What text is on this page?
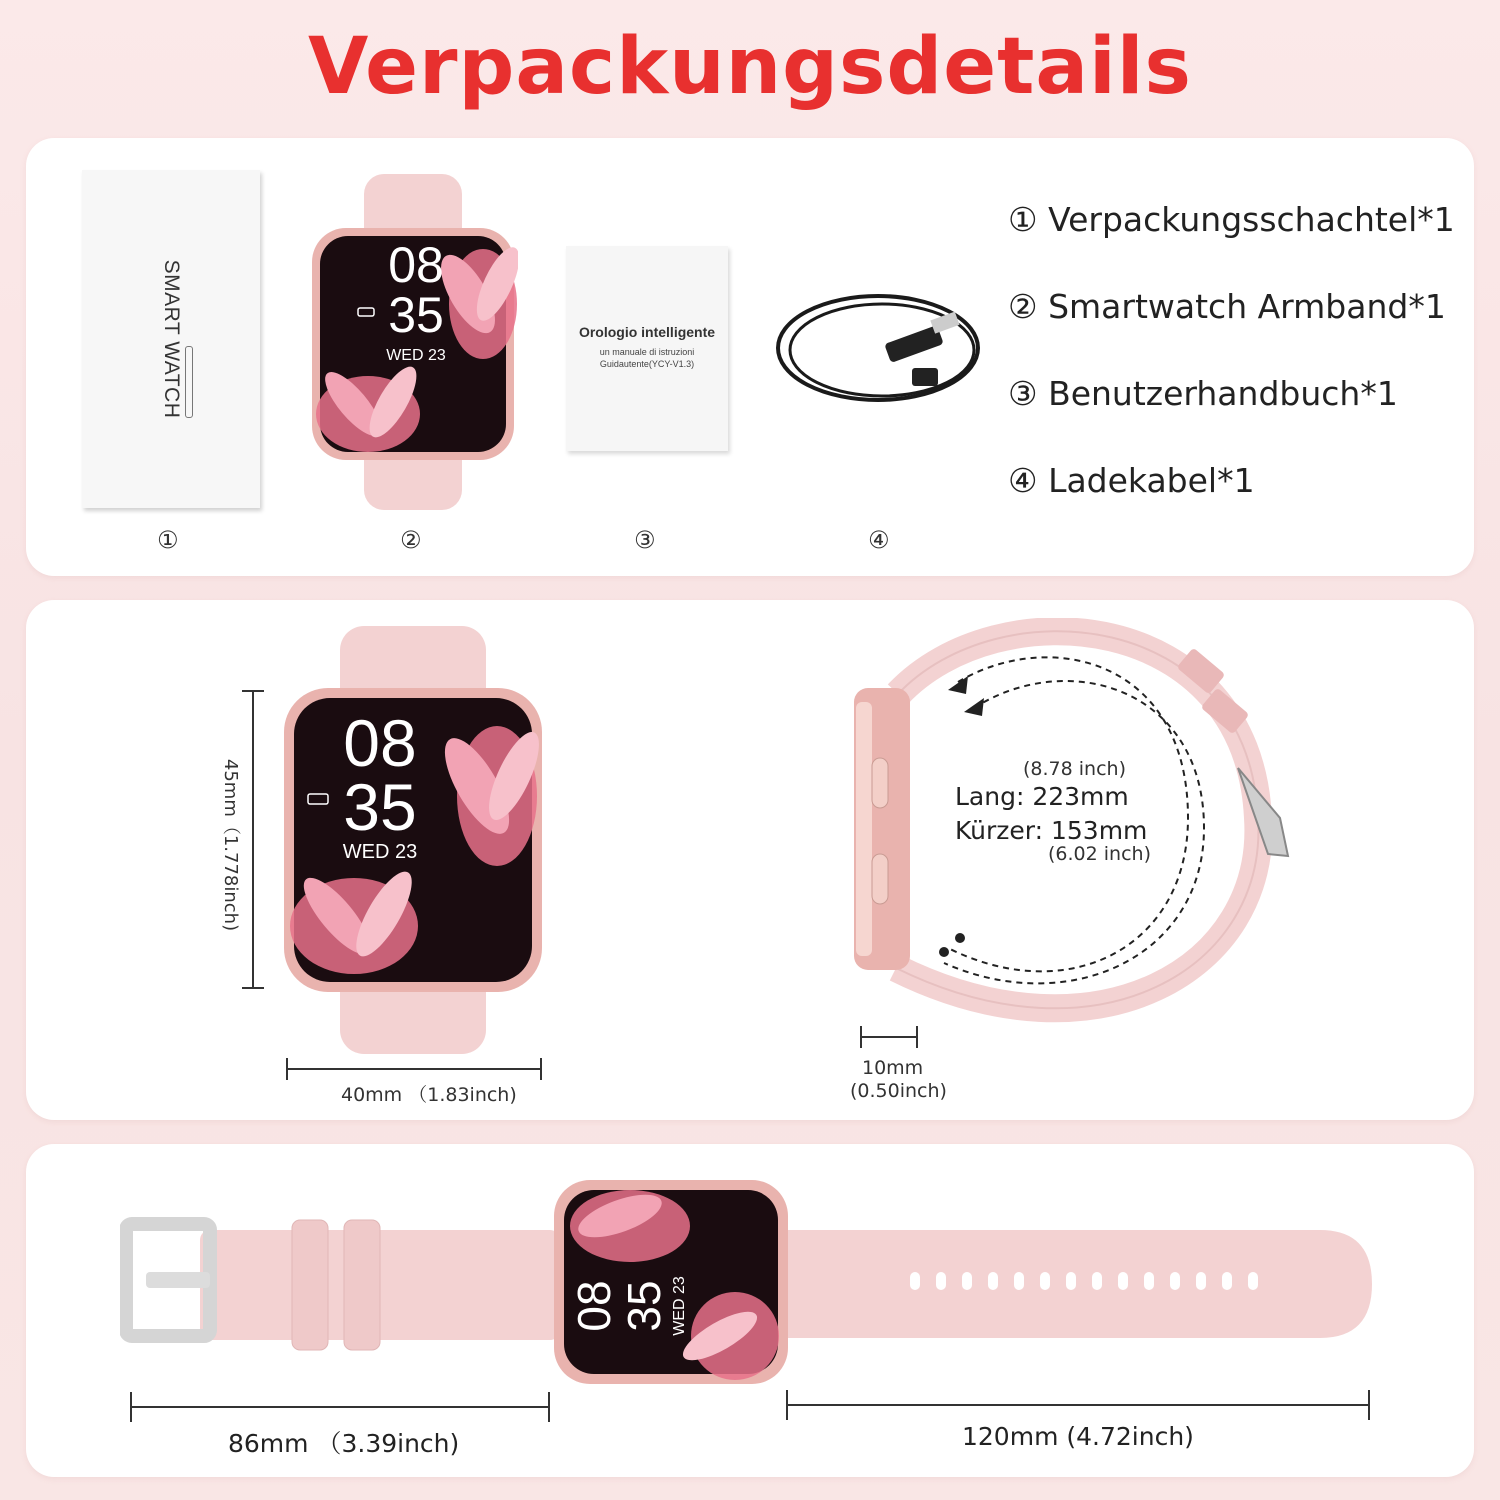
Verpackungsdetails
SMART WATCH	08
35
WED 23
Orologio intelligente
un manuale di istruzioni
Guidautente(YCY-V1.3)
①	②	③	④
① Verpackungsschachtel*1
② Smartwatch Armband*1
③ Benutzerhandbuch*1
④ Ladekabel*1
08
35
WED 23
45mm（1.778inch)
40mm （1.83inch)
(8.78 inch)
Lang: 223mm
Kürzer: 153mm
(6.02 inch)
10mm
(0.50inch)
08
35 WED 23
86mm （3.39inch)	120mm (4.72inch)
